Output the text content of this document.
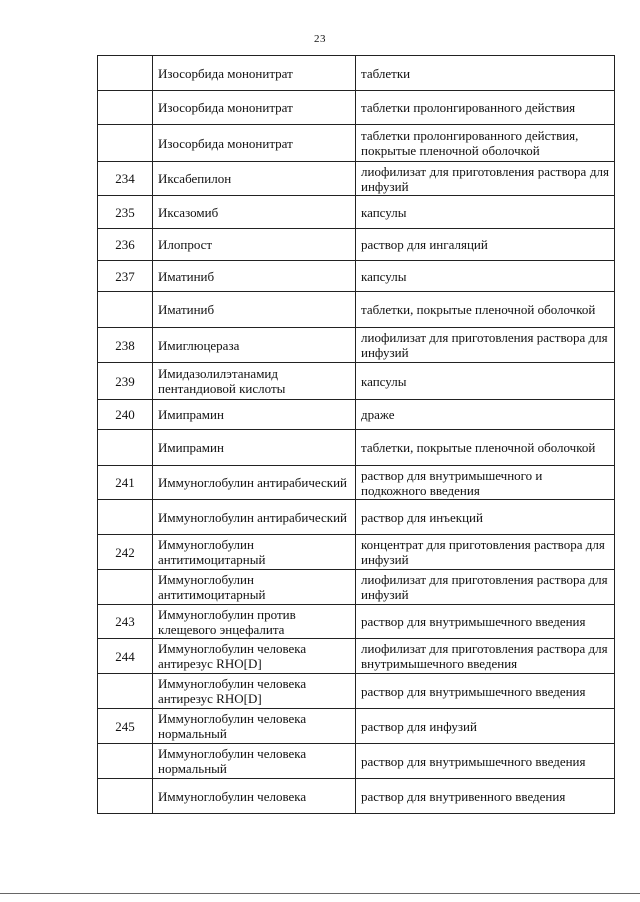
23
	Изосорбида мононитрат	таблетки
	Изосорбида мононитрат	таблетки пролонгированного действия
	Изосорбида мононитрат	таблетки пролонгированного действия, покрытые пленочной оболочкой
234	Иксабепилон	лиофилизат для приготовления раствора для инфузий
235	Иксазомиб	капсулы
236	Илопрост	раствор для ингаляций
237	Иматиниб	капсулы
	Иматиниб	таблетки, покрытые пленочной оболочкой
238	Имиглюцераза	лиофилизат для приготовления раствора для инфузий
239	Имидазолилэтанамид пентандиовой кислоты	капсулы
240	Имипрамин	драже
	Имипрамин	таблетки, покрытые пленочной оболочкой
241	Иммуноглобулин антирабический	раствор для внутримышечного и подкожного введения
	Иммуноглобулин антирабический	раствор для инъекций
242	Иммуноглобулин антитимоцитарный	концентрат для приготовления раствора для инфузий
	Иммуноглобулин антитимоцитарный	лиофилизат для приготовления раствора для инфузий
243	Иммуноглобулин против клещевого энцефалита	раствор для внутримышечного введения
244	Иммуноглобулин человека антирезус RHO[D]	лиофилизат для приготовления раствора для внутримышечного введения
	Иммуноглобулин человека антирезус RHO[D]	раствор для внутримышечного введения
245	Иммуноглобулин человека нормальный	раствор для инфузий
	Иммуноглобулин человека нормальный	раствор для внутримышечного введения
	Иммуноглобулин человека	раствор для внутривенного введения
